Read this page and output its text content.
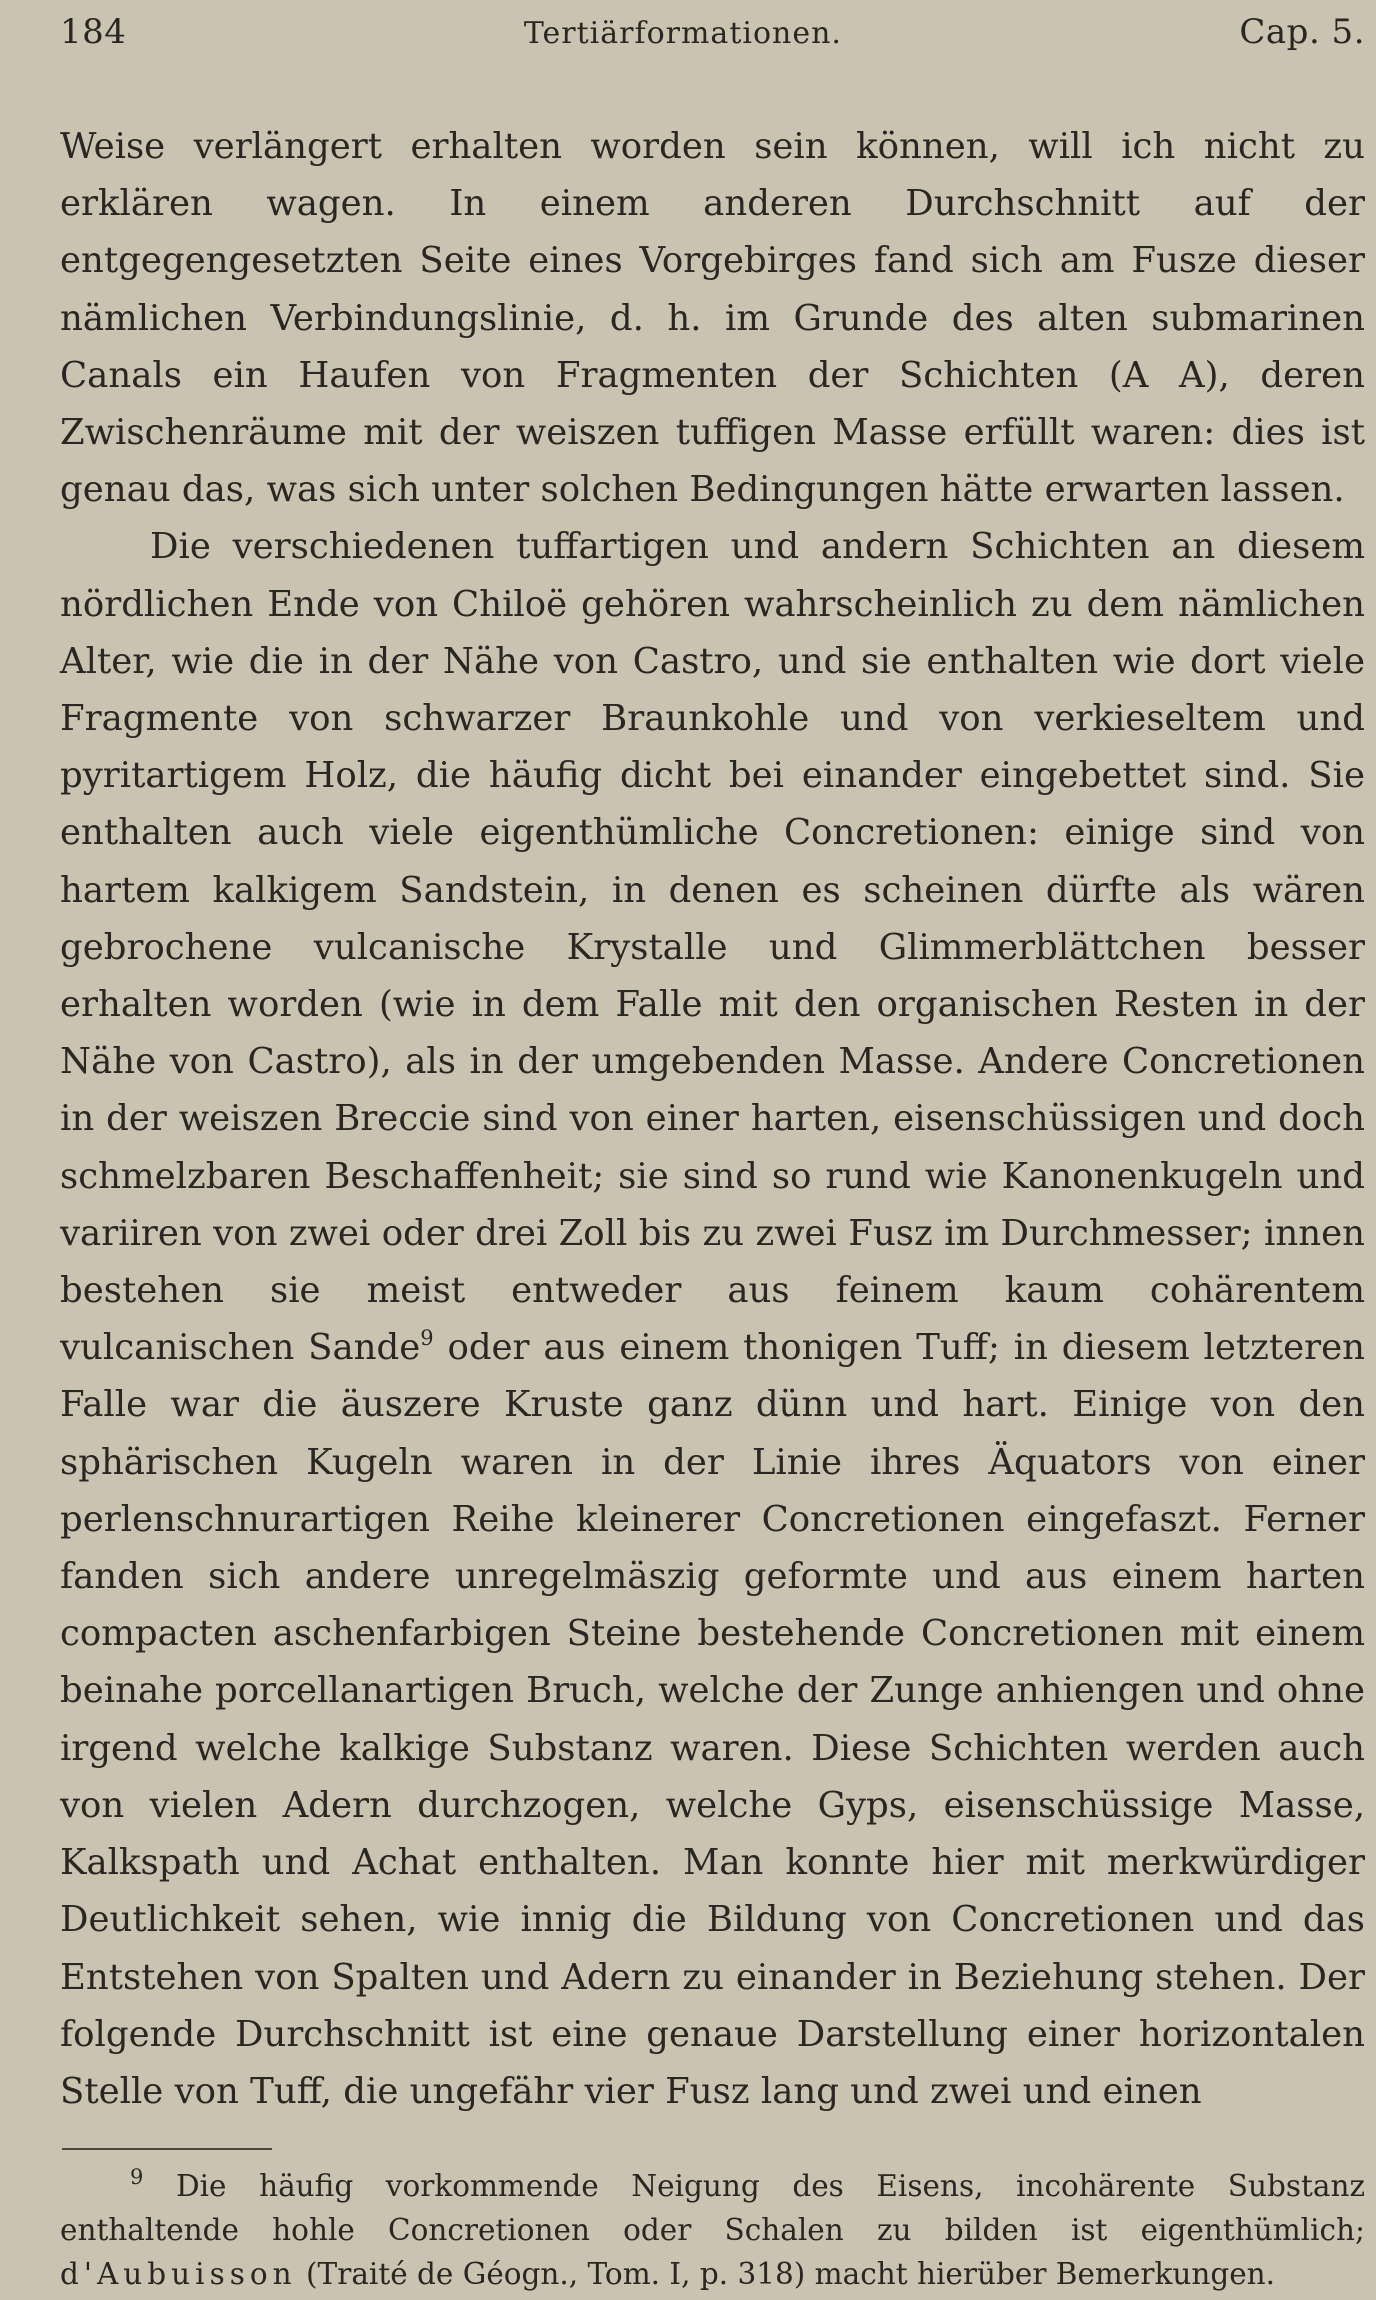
184	Tertiärformationen.	Cap. 5.

Weise verlängert erhalten worden sein können, will ich nicht zu erklären wagen. In einem anderen Durchschnitt auf der entgegengesetzten Seite eines Vorgebirges fand sich am Fusze dieser nämlichen Verbindungslinie, d. h. im Grunde des alten submarinen Canals ein Haufen von Fragmenten der Schichten (A A), deren Zwischenräume mit der weiszen tuffigen Masse erfüllt waren: dies ist genau das, was sich unter solchen Bedingungen hätte erwarten lassen.

Die verschiedenen tuffartigen und andern Schichten an diesem nördlichen Ende von Chiloë gehören wahrscheinlich zu dem nämlichen Alter, wie die in der Nähe von Castro, und sie enthalten wie dort viele Fragmente von schwarzer Braunkohle und von verkieseltem und pyritartigem Holz, die häufig dicht bei einander eingebettet sind. Sie enthalten auch viele eigenthümliche Concretionen: einige sind von hartem kalkigem Sandstein, in denen es scheinen dürfte als wären gebrochene vulcanische Krystalle und Glimmerblättchen besser erhalten worden (wie in dem Falle mit den organischen Resten in der Nähe von Castro), als in der umgebenden Masse. Andere Concretionen in der weiszen Breccie sind von einer harten, eisenschüssigen und doch schmelzbaren Beschaffenheit; sie sind so rund wie Kanonenkugeln und variiren von zwei oder drei Zoll bis zu zwei Fusz im Durchmesser; innen bestehen sie meist entweder aus feinem kaum cohärentem vulcanischen Sande$^9$ oder aus einem thonigen Tuff; in diesem letzteren Falle war die äuszere Kruste ganz dünn und hart. Einige von den sphärischen Kugeln waren in der Linie ihres Äquators von einer perlenschnurartigen Reihe kleinerer Concretionen eingefaszt. Ferner fanden sich andere unregelmäszig geformte und aus einem harten compacten aschenfarbigen Steine bestehende Concretionen mit einem beinahe porcellanartigen Bruch, welche der Zunge anhiengen und ohne irgend welche kalkige Substanz waren. Diese Schichten werden auch von vielen Adern durchzogen, welche Gyps, eisenschüssige Masse, Kalkspath und Achat enthalten. Man konnte hier mit merkwürdiger Deutlichkeit sehen, wie innig die Bildung von Concretionen und das Entstehen von Spalten und Adern zu einander in Beziehung stehen. Der folgende Durchschnitt ist eine genaue Darstellung einer horizontalen Stelle von Tuff, die ungefähr vier Fusz lang und zwei und einen

$^9$ Die häufig vorkommende Neigung des Eisens, incohärente Substanz enthaltende hohle Concretionen oder Schalen zu bilden ist eigenthümlich; d'Aubuisson (Traité de Géogn., Tom. I, p. 318) macht hierüber Bemerkungen.
